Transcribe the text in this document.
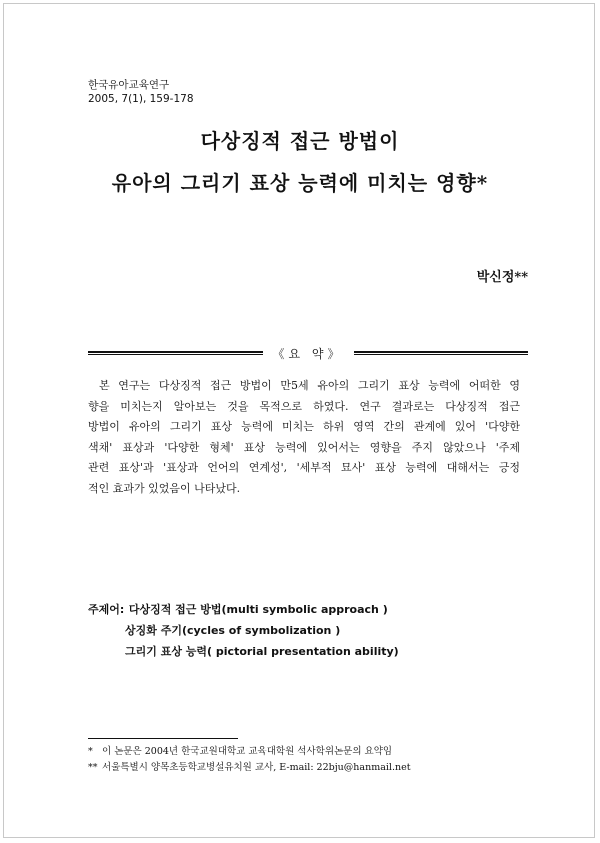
한국유아교육연구
2005, 7(1), 159-178
다상징적 접근 방법이
유아의 그리기 표상 능력에 미치는 영향*
박신정**
《요 약》
본 연구는 다상징적 접근 방법이 만5세 유아의 그리기 표상 능력에 어떠한 영
향을 미치는지 알아보는 것을 목적으로 하였다. 연구 결과로는 다상징적 접근
방법이 유아의 그리기 표상 능력에 미치는 하위 영역 간의 관계에 있어 '다양한
색채' 표상과 '다양한 형체' 표상 능력에 있어서는 영향을 주지 않았으나 '주제
관련 표상'과 '표상과 언어의 연계성', '세부적 묘사' 표상 능력에 대해서는 긍정
적인 효과가 있었음이 나타났다.
주제어: 다상징적 접근 방법(multi symbolic approach )
상징화 주기(cycles of symbolization )
그리기 표상 능력( pictorial presentation ability)
* 이 논문은 2004년 한국교원대학교 교육대학원 석사학위논문의 요약임
** 서울특별시 양목초등학교병설유치원 교사, E-mail: 22bju@hanmail.net
